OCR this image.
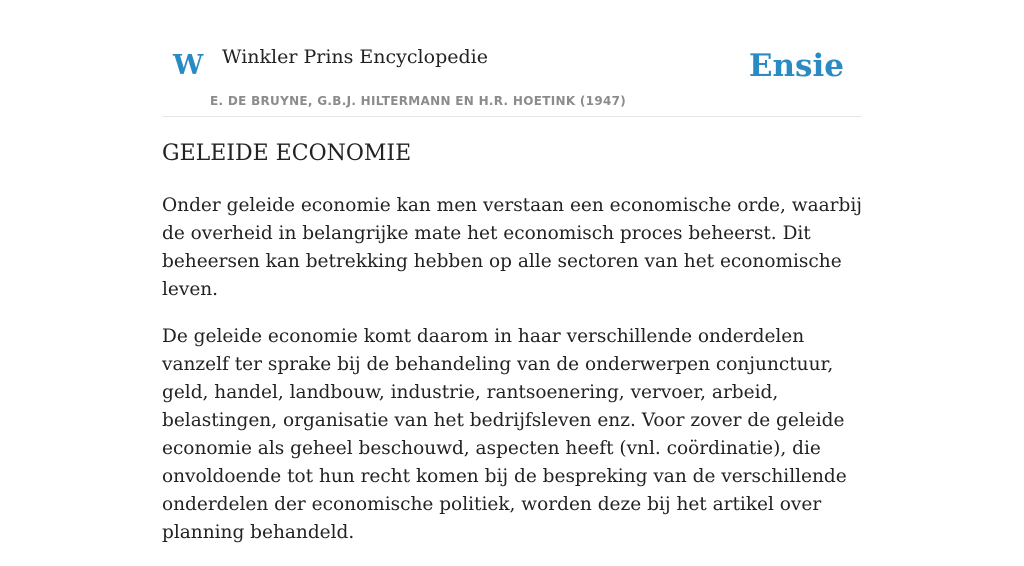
W Winkler Prins Encyclopedie
E. DE BRUYNE, G.B.J. HILTERMANN EN H.R. HOETINK (1947)
Ensie
GELEIDE ECONOMIE

Onder geleide economie kan men verstaan een economische orde, waarbij de overheid in belangrijke mate het economisch proces beheerst. Dit beheersen kan betrekking hebben op alle sectoren van het economische leven.

De geleide economie komt daarom in haar verschillende onderdelen vanzelf ter sprake bij de behandeling van de onderwerpen conjunctuur, geld, handel, landbouw, industrie, rantsoenering, vervoer, arbeid, belastingen, organisatie van het bedrijfsleven enz. Voor zover de geleide economie als geheel beschouwd, aspecten heeft (vnl. coördinatie), die onvoldoende tot hun recht komen bij de bespreking van de verschillende onderdelen der economische politiek, worden deze bij het artikel over planning behandeld.
